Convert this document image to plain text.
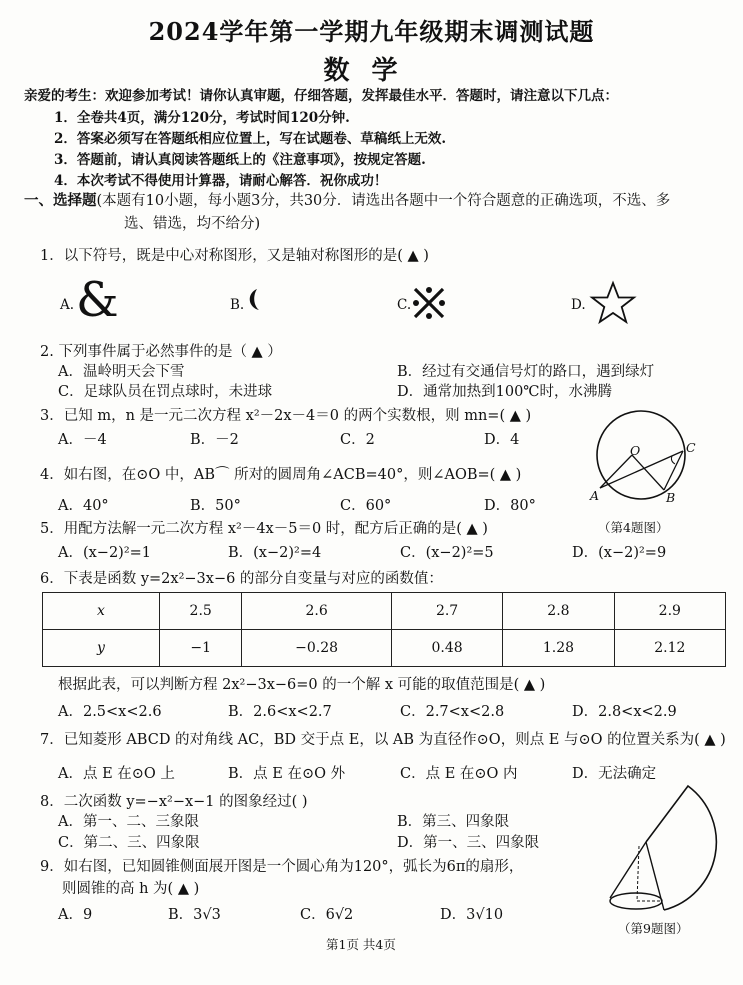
2024学年第一学期九年级期末调测试题
数学
亲爱的考生：欢迎参加考试！请你认真审题，仔细答题，发挥最佳水平．答题时，请注意以下几点：
1．全卷共4页，满分120分，考试时间120分钟.
2．答案必须写在答题纸相应位置上，写在试题卷、草稿纸上无效.
3．答题前，请认真阅读答题纸上的《注意事项》，按规定答题.
4．本次考试不得使用计算器，请耐心解答．祝你成功！
一、选择题(本题有10小题，每小题3分，共30分．请选出各题中一个符合题意的正确选项，不选、多
选、错选，均不给分)
1．以下符号，既是中心对称图形，又是轴对称图形的是( ▲ )
A. &	B.	C.	D.
2. 下列事件属于必然事件的是（ ▲ ）
A．温岭明天会下雪	B．经过有交通信号灯的路口，遇到绿灯
C．足球队员在罚点球时，未进球	D．通常加热到100℃时，水沸腾
3．已知 m，n 是一元二次方程 x²－2x－4＝0 的两个实数根，则 mn=( ▲ )
A．－4	B．－2	C．2	D．4
O
A	B
C
（第4题图）
4．如右图，在⊙O 中，AB⌒ 所对的圆周角∠ACB=40°，则∠AOB=( ▲ )
A．40°	B．50°	C．60°	D．80°
5．用配方法解一元二次方程 x²－4x－5＝0 时，配方后正确的是( ▲ )
A．(x−2)²=1	B．(x−2)²=4	C．(x−2)²=5	D．(x−2)²=9
6．下表是函数 y=2x²−3x−6 的部分自变量与对应的函数值：
x	2.5	2.6	2.7	2.8	2.9
y	−1	−0.28	0.48	1.28	2.12
根据此表，可以判断方程 2x²−3x−6=0 的一个解 x 可能的取值范围是( ▲ )
A．2.5<x<2.6	B．2.6<x<2.7	C．2.7<x<2.8	D．2.8<x<2.9
7．已知菱形 ABCD 的对角线 AC，BD 交于点 E，以 AB 为直径作⊙O，则点 E 与⊙O 的位置关系为( ▲ )
A．点 E 在⊙O 上	B．点 E 在⊙O 外	C．点 E 在⊙O 内	D．无法确定
8．二次函数 y=−x²−x−1 的图象经过( )
A．第一、二、三象限	B．第三、四象限
C．第二、三、四象限	D．第一、三、四象限
9．如右图，已知圆锥侧面展开图是一个圆心角为120°，弧长为6π的扇形，
则圆锥的高 h 为( ▲ )
A．9	B．3√3	C．6√2	D．3√10
（第9题图）
第1页 共4页
